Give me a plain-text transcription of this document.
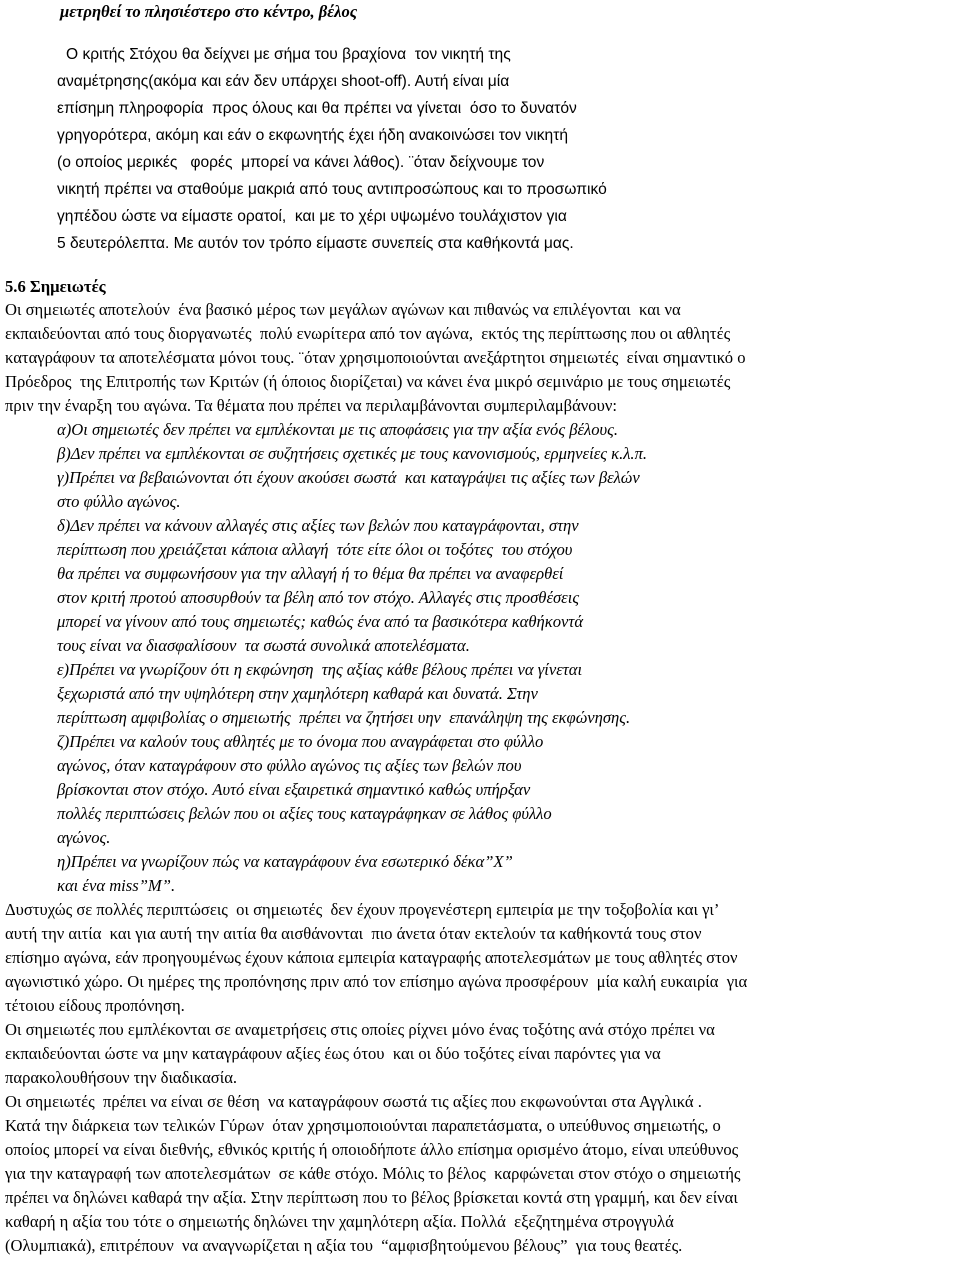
μετρηθεί το πλησιέστερο στο κέντρο, βέλος
Ο κριτής Στόχου θα δείχνει με σήμα του βραχίονα  τον νικητή της
αναμέτρησης(ακόμα και εάν δεν υπάρχει shoot-off). Αυτή είναι μία
επίσημη πληροφορία  προς όλους και θα πρέπει να γίνεται  όσο το δυνατόν
γρηγορότερα, ακόμη και εάν ο εκφωνητής έχει ήδη ανακοινώσει τον νικητή
(ο οποίος μερικές   φορές  μπορεί να κάνει λάθος). ¨όταν δείχνουμε τον
νικητή πρέπει να σταθούμε μακριά από τους αντιπροσώπους και το προσωπικό
γηπέδου ώστε να είμαστε ορατοί,  και με το χέρι υψωμένο τουλάχιστον για
5 δευτερόλεπτα. Με αυτόν τον τρόπο είμαστε συνεπείς στα καθήκοντά μας.
5.6 Σημειωτές
Οι σημειωτές αποτελούν  ένα βασικό μέρος των μεγάλων αγώνων και πιθανώς να επιλέγονται  και να
εκπαιδεύονται από τους διοργανωτές  πολύ ενωρίτερα από τον αγώνα,  εκτός της περίπτωσης που οι αθλητές
καταγράφουν τα αποτελέσματα μόνοι τους. ¨όταν χρησιμοποιούνται ανεξάρτητοι σημειωτές  είναι σημαντικό ο
Πρόεδρος  της Επιτροπής των Κριτών (ή όποιος διορίζεται) να κάνει ένα μικρό σεμινάριο με τους σημειωτές
πριν την έναρξη του αγώνα. Τα θέματα που πρέπει να περιλαμβάνονται συμπεριλαμβάνουν:
α)Οι σημειωτές δεν πρέπει να εμπλέκονται με τις αποφάσεις για την αξία ενός βέλους.
β)Δεν πρέπει να εμπλέκονται σε συζητήσεις σχετικές με τους κανονισμούς, ερμηνείες κ.λ.π.
γ)Πρέπει να βεβαιώνονται ότι έχουν ακούσει σωστά  και καταγράψει τις αξίες των βελών
στο φύλλο αγώνος.
δ)Δεν πρέπει να κάνουν αλλαγές στις αξίες των βελών που καταγράφονται, στην
περίπτωση που χρειάζεται κάποια αλλαγή  τότε είτε όλοι οι τοξότες  του στόχου
θα πρέπει να συμφωνήσουν για την αλλαγή ή το θέμα θα πρέπει να αναφερθεί
στον κριτή προτού αποσυρθούν τα βέλη από τον στόχο. Αλλαγές στις προσθέσεις
μπορεί να γίνουν από τους σημειωτές; καθώς ένα από τα βασικότερα καθήκοντά
τους είναι να διασφαλίσουν  τα σωστά συνολικά αποτελέσματα.
ε)Πρέπει να γνωρίζουν ότι η εκφώνηση  της αξίας κάθε βέλους πρέπει να γίνεται
ξεχωριστά από την υψηλότερη στην χαμηλότερη καθαρά και δυνατά. Στην
περίπτωση αμφιβολίας ο σημειωτής  πρέπει να ζητήσει υην  επανάληψη της εκφώνησης.
ζ)Πρέπει να καλούν τους αθλητές με το όνομα που αναγράφεται στο φύλλο
αγώνος, όταν καταγράφουν στο φύλλο αγώνος τις αξίες των βελών που
βρίσκονται στον στόχο. Αυτό είναι εξαιρετικά σημαντικό καθώς υπήρξαν
πολλές περιπτώσεις βελών που οι αξίες τους καταγράφηκαν σε λάθος φύλλο
αγώνος.
η)Πρέπει να γνωρίζουν πώς να καταγράφουν ένα εσωτερικό δέκα”Χ”
και ένα miss”Μ”.
Δυστυχώς σε πολλές περιπτώσεις  οι σημειωτές  δεν έχουν προγενέστερη εμπειρία με την τοξοβολία και γι’
αυτή την αιτία  και για αυτή την αιτία θα αισθάνονται  πιο άνετα όταν εκτελούν τα καθήκοντά τους στον
επίσημο αγώνα, εάν προηγουμένως έχουν κάποια εμπειρία καταγραφής αποτελεσμάτων με τους αθλητές στον
αγωνιστικό χώρο. Οι ημέρες της προπόνησης πριν από τον επίσημο αγώνα προσφέρουν  μία καλή ευκαιρία  για
τέτοιου είδους προπόνηση.
Οι σημειωτές που εμπλέκονται σε αναμετρήσεις στις οποίες ρίχνει μόνο ένας τοξότης ανά στόχο πρέπει να
εκπαιδεύονται ώστε να μην καταγράφουν αξίες έως ότου  και οι δύο τοξότες είναι παρόντες για να
παρακολουθήσουν την διαδικασία.
Οι σημειωτές  πρέπει να είναι σε θέση  να καταγράφουν σωστά τις αξίες που εκφωνούνται στα Αγγλικά .
Κατά την διάρκεια των τελικών Γύρων  όταν χρησιμοποιούνται παραπετάσματα, ο υπεύθυνος σημειωτής, ο
οποίος μπορεί να είναι διεθνής, εθνικός κριτής ή οποιοδήποτε άλλο επίσημα ορισμένο άτομο, είναι υπεύθυνος
για την καταγραφή των αποτελεσμάτων  σε κάθε στόχο. Μόλις το βέλος  καρφώνεται στον στόχο ο σημειωτής
πρέπει να δηλώνει καθαρά την αξία. Στην περίπτωση που το βέλος βρίσκεται κοντά στη γραμμή, και δεν είναι
καθαρή η αξία του τότε ο σημειωτής δηλώνει την χαμηλότερη αξία. Πολλά  εξεζητημένα στρογγυλά
(Ολυμπιακά), επιτρέπουν  να αναγνωρίζεται η αξία του  “αμφισβητούμενου βέλους”  για τους θεατές.
